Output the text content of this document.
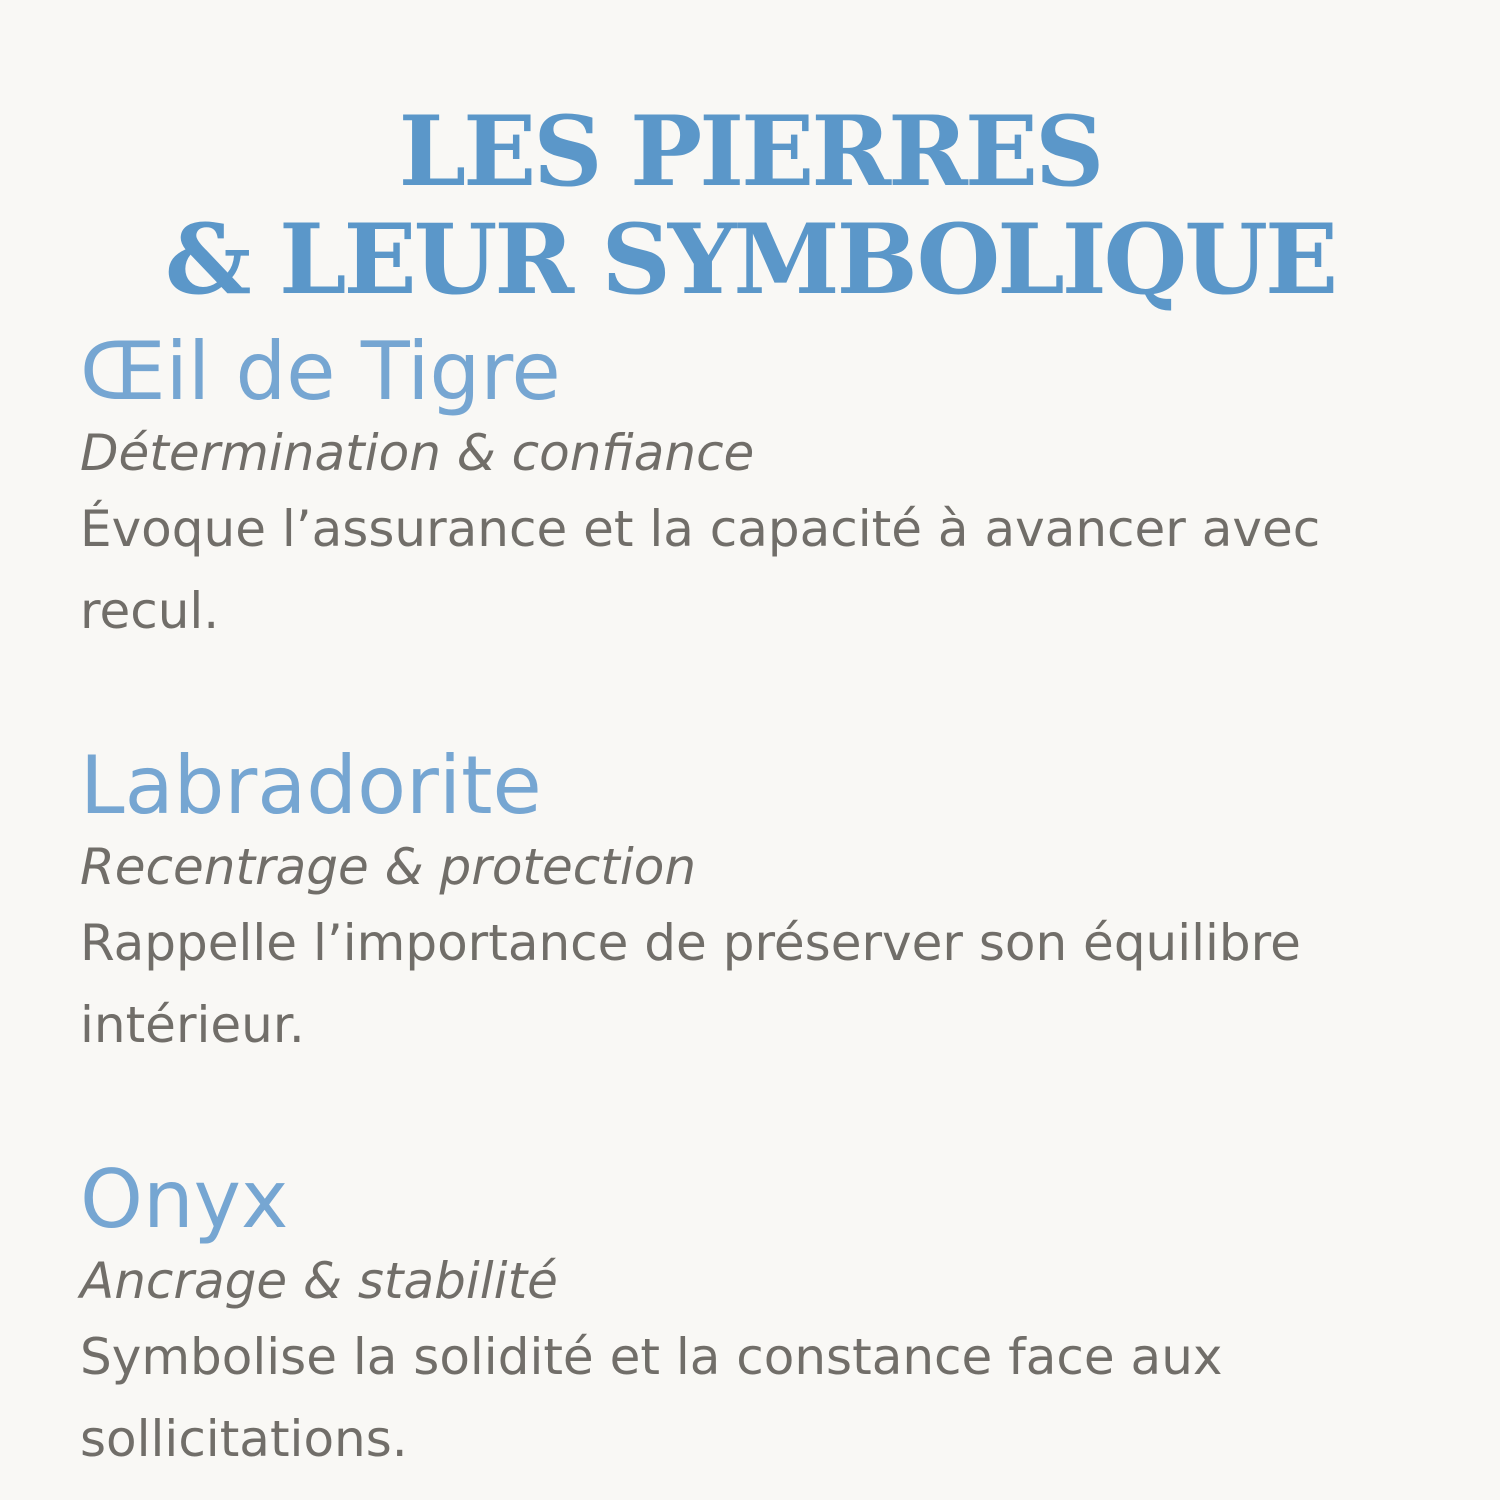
LES PIERRES
& LEUR SYMBOLIQUE
Œil de Tigre

Détermination & confiance

Évoque l’assurance et la capacité à avancer avec recul.

Labradorite

Recentrage & protection

Rappelle l’importance de préserver son équilibre intérieur.

Onyx

Ancrage & stabilité

Symbolise la solidité et la constance face aux sollicitations.
